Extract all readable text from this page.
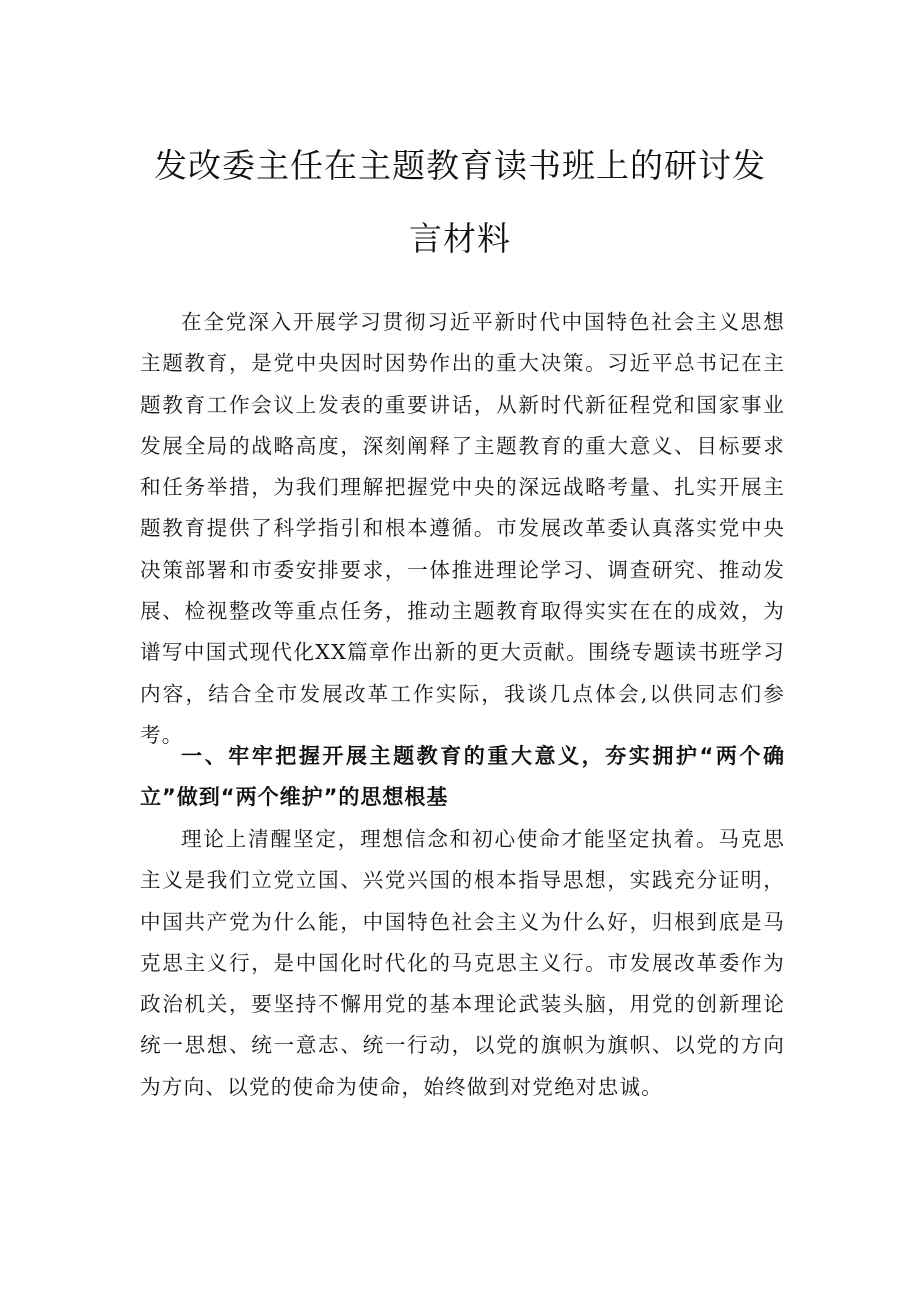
发改委主任在主题教育读书班上的研讨发
言材料

在全党深入开展学习贯彻习近平新时代中国特色社会主义思想主题教育，是党中央因时因势作出的重大决策。习近平总书记在主题教育工作会议上发表的重要讲话，从新时代新征程党和国家事业发展全局的战略高度，深刻阐释了主题教育的重大意义、目标要求和任务举措，为我们理解把握党中央的深远战略考量、扎实开展主题教育提供了科学指引和根本遵循。市发展改革委认真落实党中央决策部署和市委安排要求，一体推进理论学习、调查研究、推动发展、检视整改等重点任务，推动主题教育取得实实在在的成效，为谱写中国式现代化XX篇章作出新的更大贡献。围绕专题读书班学习内容，结合全市发展改革工作实际，我谈几点体会,以供同志们参考。

一、牢牢把握开展主题教育的重大意义，夯实拥护“两个确立”做到“两个维护”的思想根基

理论上清醒坚定，理想信念和初心使命才能坚定执着。马克思主义是我们立党立国、兴党兴国的根本指导思想，实践充分证明，中国共产党为什么能，中国特色社会主义为什么好，归根到底是马克思主义行，是中国化时代化的马克思主义行。市发展改革委作为政治机关，要坚持不懈用党的基本理论武装头脑，用党的创新理论统一思想、统一意志、统一行动，以党的旗帜为旗帜、以党的方向为方向、以党的使命为使命，始终做到对党绝对忠诚。
